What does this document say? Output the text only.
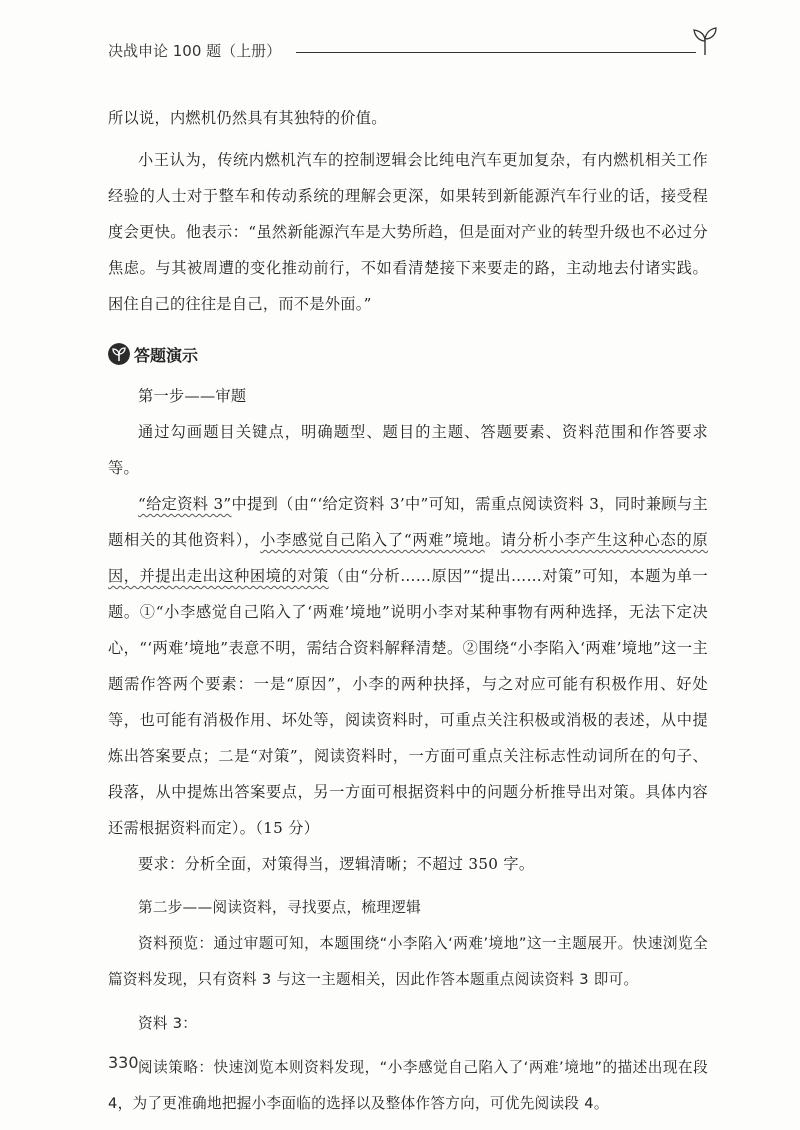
决战申论 100 题（上册）

所以说，内燃机仍然具有其独特的价值。

小王认为，传统内燃机汽车的控制逻辑会比纯电汽车更加复杂，有内燃机相关工作经验的人士对于整车和传动系统的理解会更深，如果转到新能源汽车行业的话，接受程度会更快。他表示：“虽然新能源汽车是大势所趋，但是面对产业的转型升级也不必过分焦虑。与其被周遭的变化推动前行，不如看清楚接下来要走的路，主动地去付诸实践。困住自己的往往是自己，而不是外面。”

答题演示

第一步——审题

通过勾画题目关键点，明确题型、题目的主题、答题要素、资料范围和作答要求等。

“给定资料 3”中提到（由“‘给定资料 3’中”可知，需重点阅读资料 3，同时兼顾与主题相关的其他资料），小李感觉自己陷入了“两难”境地。请分析小李产生这种心态的原因，并提出走出这种困境的对策（由“分析……原因”“提出……对策”可知，本题为单一题。①“小李感觉自己陷入了‘两难’境地”说明小李对某种事物有两种选择，无法下定决心，“‘两难’境地”表意不明，需结合资料解释清楚。②围绕“小李陷入‘两难’境地”这一主题需作答两个要素：一是“原因”，小李的两种抉择，与之对应可能有积极作用、好处等，也可能有消极作用、坏处等，阅读资料时，可重点关注积极或消极的表述，从中提炼出答案要点；二是“对策”，阅读资料时，一方面可重点关注标志性动词所在的句子、段落，从中提炼出答案要点，另一方面可根据资料中的问题分析推导出对策。具体内容还需根据资料而定）。（15 分）

要求：分析全面，对策得当，逻辑清晰；不超过 350 字。

第二步——阅读资料，寻找要点，梳理逻辑

资料预览：通过审题可知，本题围绕“小李陷入‘两难’境地”这一主题展开。快速浏览全篇资料发现，只有资料 3 与这一主题相关，因此作答本题重点阅读资料 3 即可。

资料 3：

阅读策略：快速浏览本则资料发现，“小李感觉自己陷入了‘两难’境地”的描述出现在段 4，为了更准确地把握小李面临的选择以及整体作答方向，可优先阅读段 4。

330
